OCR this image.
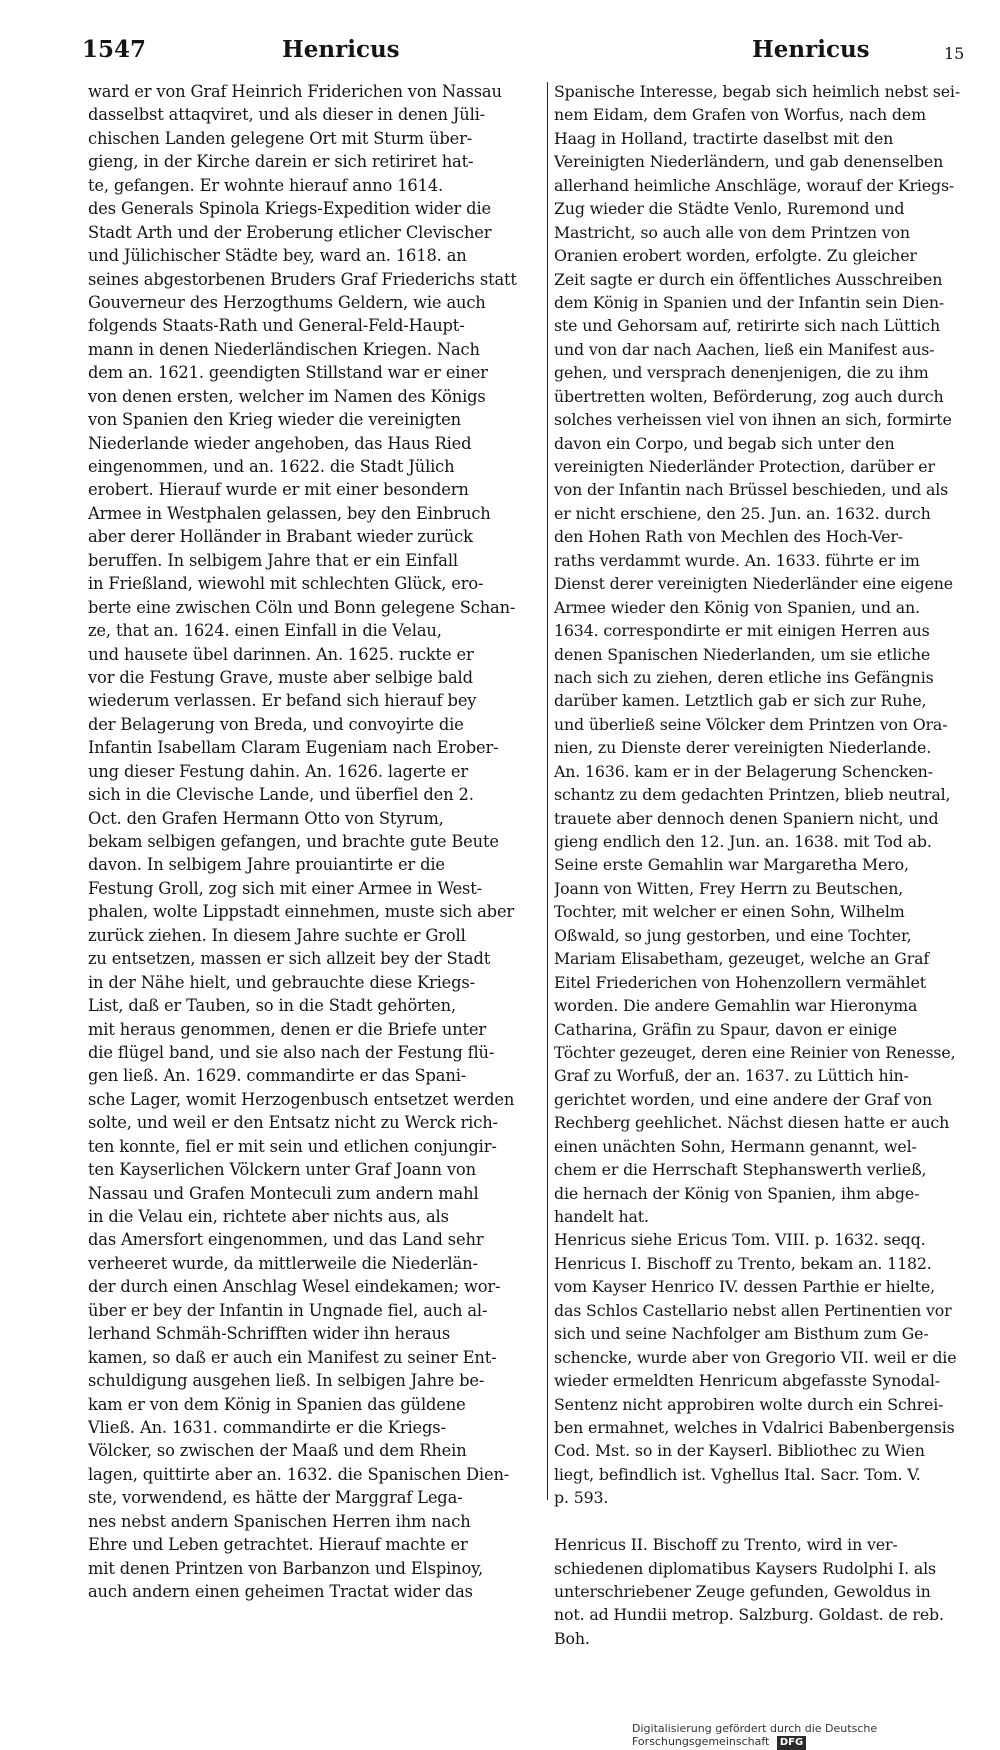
1547	Henricus	Henricus	15
ward er von Graf Heinrich Friderichen von Nassau
dasselbst attaqviret, und als dieser in denen Jüli-
chischen Landen gelegene Ort mit Sturm über-
gieng, in der Kirche darein er sich retiriret hat-
te, gefangen. Er wohnte hierauf anno 1614.
des Generals Spinola Kriegs-Expedition wider die
Stadt Arth und der Eroberung etlicher Clevischer
und Jülichischer Städte bey, ward an. 1618. an
seines abgestorbenen Bruders Graf Friederichs statt
Gouverneur des Herzogthums Geldern, wie auch
folgends Staats-Rath und General-Feld-Haupt-
mann in denen Niederländischen Kriegen. Nach
dem an. 1621. geendigten Stillstand war er einer
von denen ersten, welcher im Namen des Königs
von Spanien den Krieg wieder die vereinigten
Niederlande wieder angehoben, das Haus Ried
eingenommen, und an. 1622. die Stadt Jülich
erobert. Hierauf wurde er mit einer besondern
Armee in Westphalen gelassen, bey den Einbruch
aber derer Holländer in Brabant wieder zurück
beruffen. In selbigem Jahre that er ein Einfall
in Frießland, wiewohl mit schlechten Glück, ero-
berte eine zwischen Cöln und Bonn gelegene Schan-
ze, that an. 1624. einen Einfall in die Velau,
und hausete übel darinnen. An. 1625. ruckte er
vor die Festung Grave, muste aber selbige bald
wiederum verlassen. Er befand sich hierauf bey
der Belagerung von Breda, und convoyirte die
Infantin Isabellam Claram Eugeniam nach Erober-
ung dieser Festung dahin. An. 1626. lagerte er
sich in die Clevische Lande, und überfiel den 2.
Oct. den Grafen Hermann Otto von Styrum,
bekam selbigen gefangen, und brachte gute Beute
davon. In selbigem Jahre prouiantirte er die
Festung Groll, zog sich mit einer Armee in West-
phalen, wolte Lippstadt einnehmen, muste sich aber
zurück ziehen. In diesem Jahre suchte er Groll
zu entsetzen, massen er sich allzeit bey der Stadt
in der Nähe hielt, und gebrauchte diese Kriegs-
List, daß er Tauben, so in die Stadt gehörten,
mit heraus genommen, denen er die Briefe unter
die flügel band, und sie also nach der Festung flü-
gen ließ. An. 1629. commandirte er das Spani-
sche Lager, womit Herzogenbusch entsetzet werden
solte, und weil er den Entsatz nicht zu Werck rich-
ten konnte, fiel er mit sein und etlichen conjungir-
ten Kayserlichen Völckern unter Graf Joann von
Nassau und Grafen Monteculi zum andern mahl
in die Velau ein, richtete aber nichts aus, als
das Amersfort eingenommen, und das Land sehr
verheeret wurde, da mittlerweile die Niederlän-
der durch einen Anschlag Wesel eindekamen; wor-
über er bey der Infantin in Ungnade fiel, auch al-
lerhand Schmäh-Schrifften wider ihn heraus
kamen, so daß er auch ein Manifest zu seiner Ent-
schuldigung ausgehen ließ. In selbigen Jahre be-
kam er von dem König in Spanien das güldene
Vließ. An. 1631. commandirte er die Kriegs-
Völcker, so zwischen der Maaß und dem Rhein
lagen, quittirte aber an. 1632. die Spanischen Dien-
ste, vorwendend, es hätte der Marggraf Lega-
nes nebst andern Spanischen Herren ihm nach
Ehre und Leben getrachtet. Hierauf machte er
mit denen Printzen von Barbanzon und Elspinoy,
auch andern einen geheimen Tractat wider das
Spanische Interesse, begab sich heimlich nebst sei-
nem Eidam, dem Grafen von Worfus, nach dem
Haag in Holland, tractirte daselbst mit den
Vereinigten Niederländern, und gab denenselben
allerhand heimliche Anschläge, worauf der Kriegs-
Zug wieder die Städte Venlo, Ruremond und
Mastricht, so auch alle von dem Printzen von
Oranien erobert worden, erfolgte. Zu gleicher
Zeit sagte er durch ein öffentliches Ausschreiben
dem König in Spanien und der Infantin sein Dien-
ste und Gehorsam auf, retirirte sich nach Lüttich
und von dar nach Aachen, ließ ein Manifest aus-
gehen, und versprach denenjenigen, die zu ihm
übertretten wolten, Beförderung, zog auch durch
solches verheissen viel von ihnen an sich, formirte
davon ein Corpo, und begab sich unter den
vereinigten Niederländer Protection, darüber er
von der Infantin nach Brüssel beschieden, und als
er nicht erschiene, den 25. Jun. an. 1632. durch
den Hohen Rath von Mechlen des Hoch-Ver-
raths verdammt wurde. An. 1633. führte er im
Dienst derer vereinigten Niederländer eine eigene
Armee wieder den König von Spanien, und an.
1634. correspondirte er mit einigen Herren aus
denen Spanischen Niederlanden, um sie etliche
nach sich zu ziehen, deren etliche ins Gefängnis
darüber kamen. Letztlich gab er sich zur Ruhe,
und überließ seine Völcker dem Printzen von Ora-
nien, zu Dienste derer vereinigten Niederlande.
An. 1636. kam er in der Belagerung Schencken-
schantz zu dem gedachten Printzen, blieb neutral,
trauete aber dennoch denen Spaniern nicht, und
gieng endlich den 12. Jun. an. 1638. mit Tod ab.
Seine erste Gemahlin war Margaretha Mero,
Joann von Witten, Frey Herrn zu Beutschen,
Tochter, mit welcher er einen Sohn, Wilhelm
Oßwald, so jung gestorben, und eine Tochter,
Mariam Elisabetham, gezeuget, welche an Graf
Eitel Friederichen von Hohenzollern vermählet
worden. Die andere Gemahlin war Hieronyma
Catharina, Gräfin zu Spaur, davon er einige
Töchter gezeuget, deren eine Reinier von Renesse,
Graf zu Worfuß, der an. 1637. zu Lüttich hin-
gerichtet worden, und eine andere der Graf von
Rechberg geehlichet. Nächst diesen hatte er auch
einen unächten Sohn, Hermann genannt, wel-
chem er die Herrschaft Stephanswerth verließ,
die hernach der König von Spanien, ihm abge-
handelt hat.
Henricus siehe Ericus Tom. VIII. p. 1632. seqq.
Henricus I. Bischoff zu Trento, bekam an. 1182.
vom Kayser Henrico IV. dessen Parthie er hielte,
das Schlos Castellario nebst allen Pertinentien vor
sich und seine Nachfolger am Bisthum zum Ge-
schencke, wurde aber von Gregorio VII. weil er die
wieder ermeldten Henricum abgefasste Synodal-
Sentenz nicht approbiren wolte durch ein Schrei-
ben ermahnet, welches in Vdalrici Babenbergensis
Cod. Mst. so in der Kayserl. Bibliothec zu Wien
liegt, befindlich ist. Vghellus Ital. Sacr. Tom. V.
p. 593.
Henricus II. Bischoff zu Trento, wird in ver-
schiedenen diplomatibus Kaysers Rudolphi I. als
unterschriebener Zeuge gefunden, Gewoldus in
not. ad Hundii metrop. Salzburg. Goldast. de reb.
Boh.
Digitalisierung gefördert durch die Deutsche Forschungsgemeinschaft DFG
